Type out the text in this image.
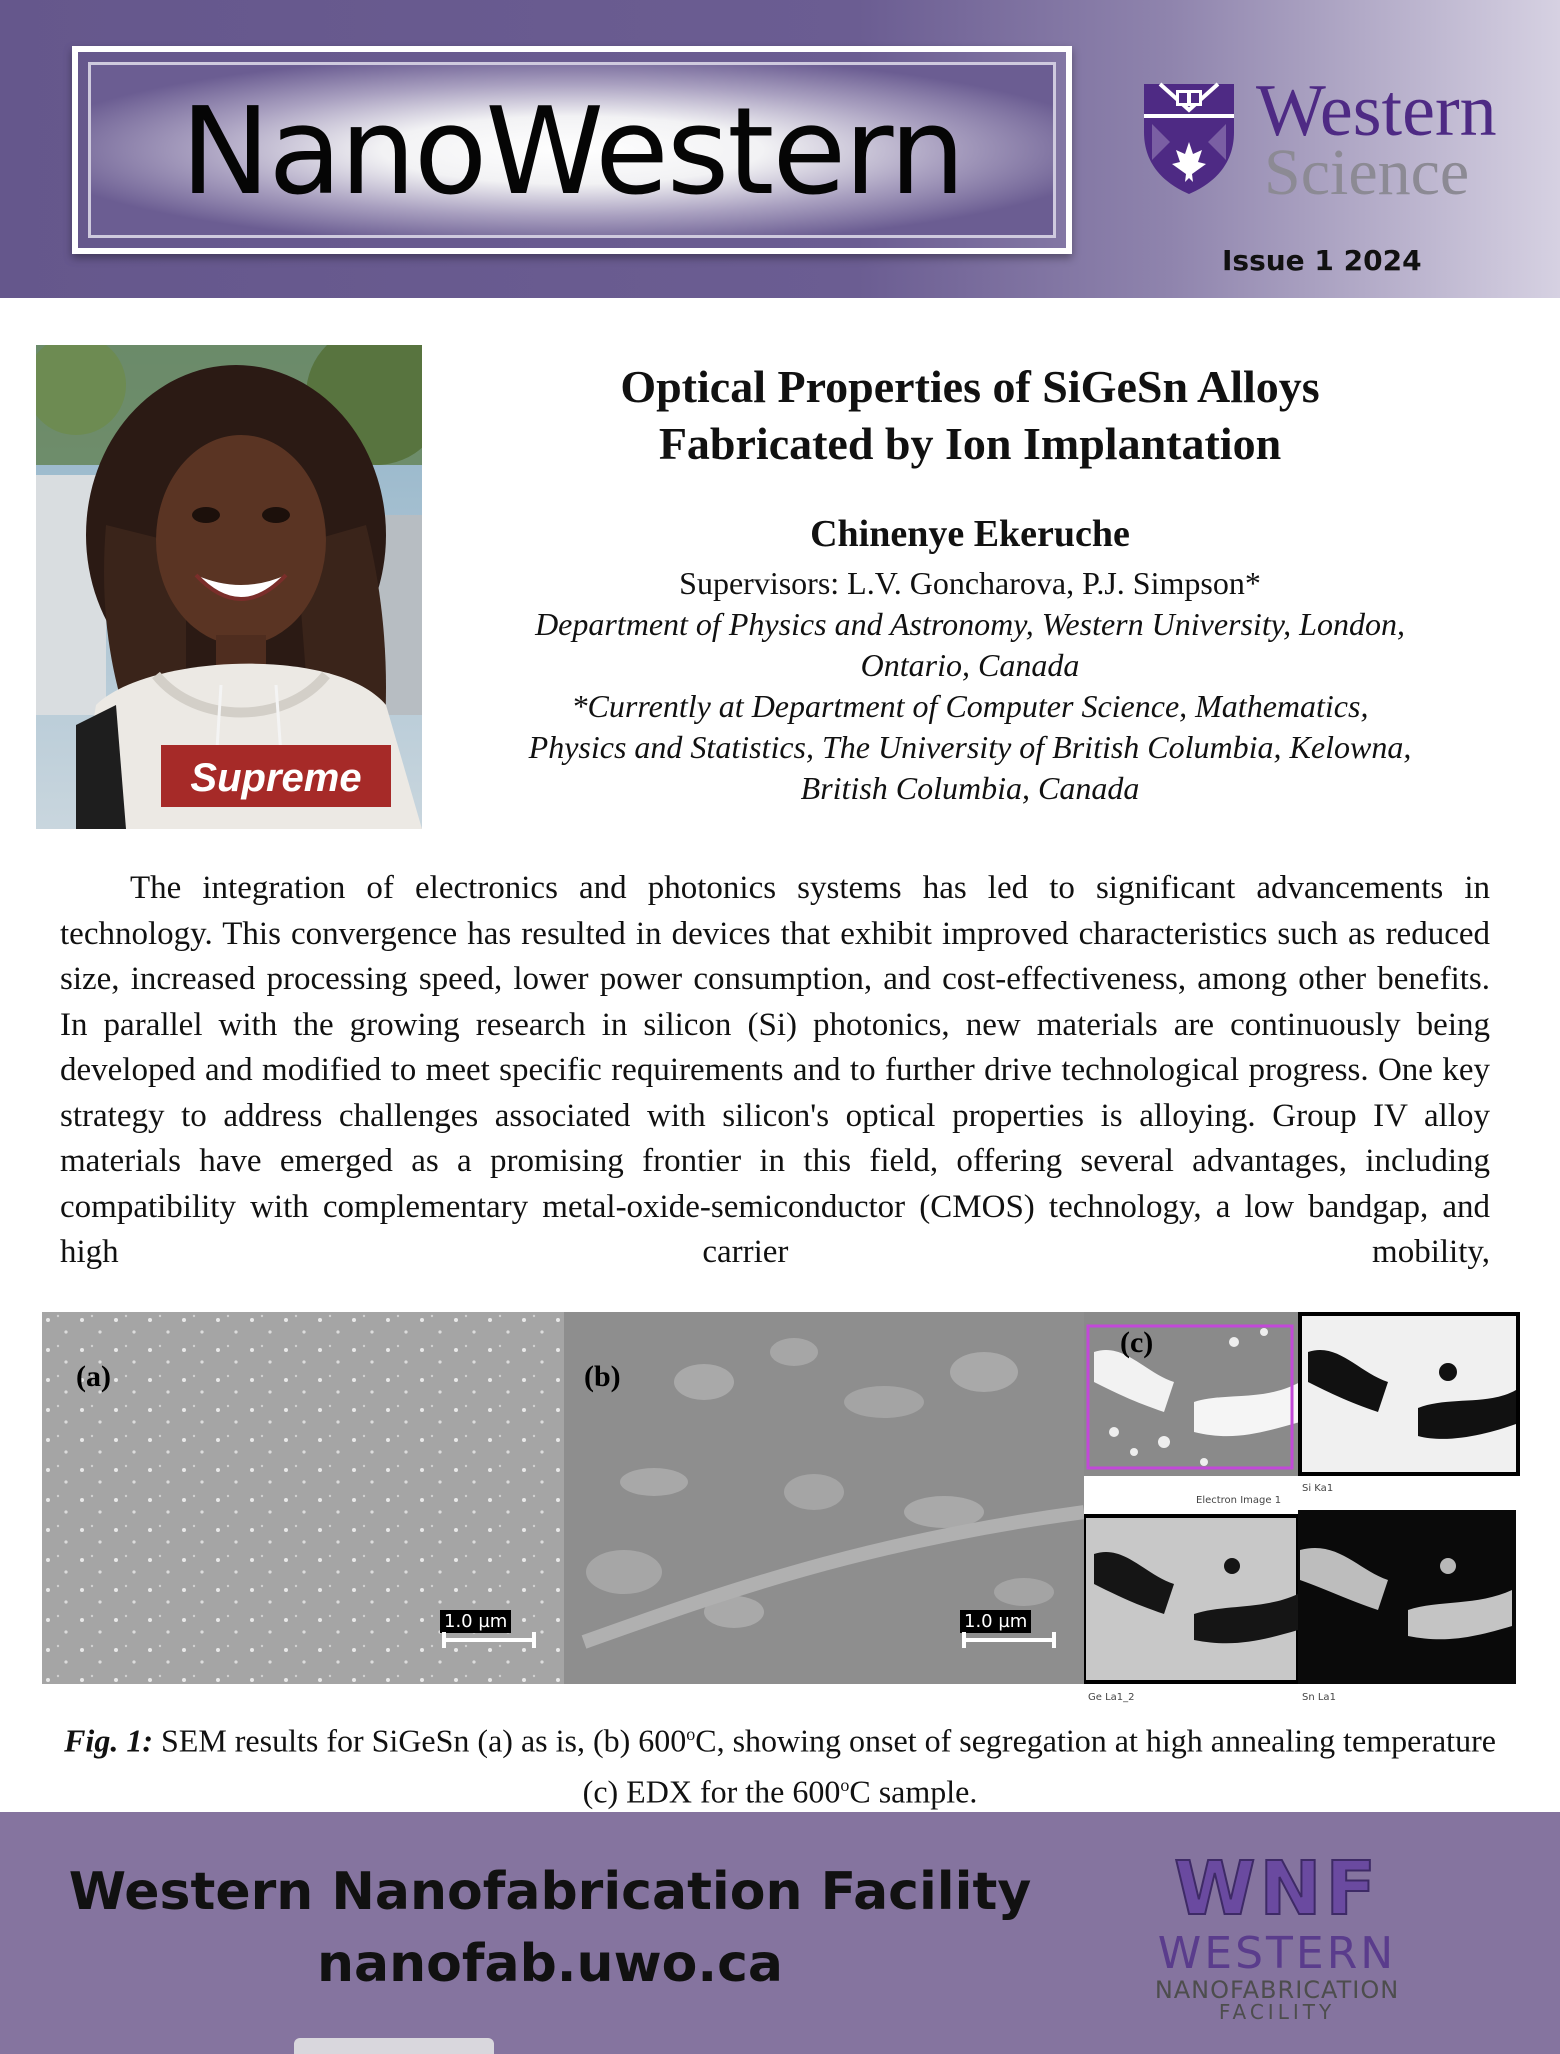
NanoWestern	Western
Science
Issue 1 2024
Supreme
Optical Properties of SiGeSn Alloys
Fabricated by Ion Implantation
Chinenye Ekeruche
Supervisors: L.V. Goncharova, P.J. Simpson*
Department of Physics and Astronomy, Western University, London,
Ontario, Canada
*Currently at Department of Computer Science, Mathematics,
Physics and Statistics, The University of British Columbia, Kelowna,
British Columbia, Canada

The integration of electronics and photonics systems has led to significant advancements in technology. This convergence has resulted in devices that exhibit improved characteristics such as reduced size, increased processing speed, lower power consumption, and cost-effectiveness, among other benefits. In parallel with the growing research in silicon (Si) photonics, new materials are continuously being developed and modified to meet specific requirements and to further drive technological progress. One key strategy to address challenges associated with silicon's optical properties is alloying. Group IV alloy materials have emerged as a promising frontier in this field, offering several advantages, including compatibility with complementary metal-oxide-semiconductor (CMOS) technology, a low bandgap, and high carrier mobility,

(a)
1.0 µm
(b)
1.0 µm
(c)
Electron Image 1
Si Ka1
Ge La1_2	Sn La1

Fig. 1: SEM results for SiGeSn (a) as is, (b) 600$^o$C, showing onset of segregation at high annealing temperature (c) EDX for the 600$^o$C sample.

Western Nanofabrication Facility
nanofab.uwo.ca
WNF
WESTERN
NANOFABRICATION
FACILITY
